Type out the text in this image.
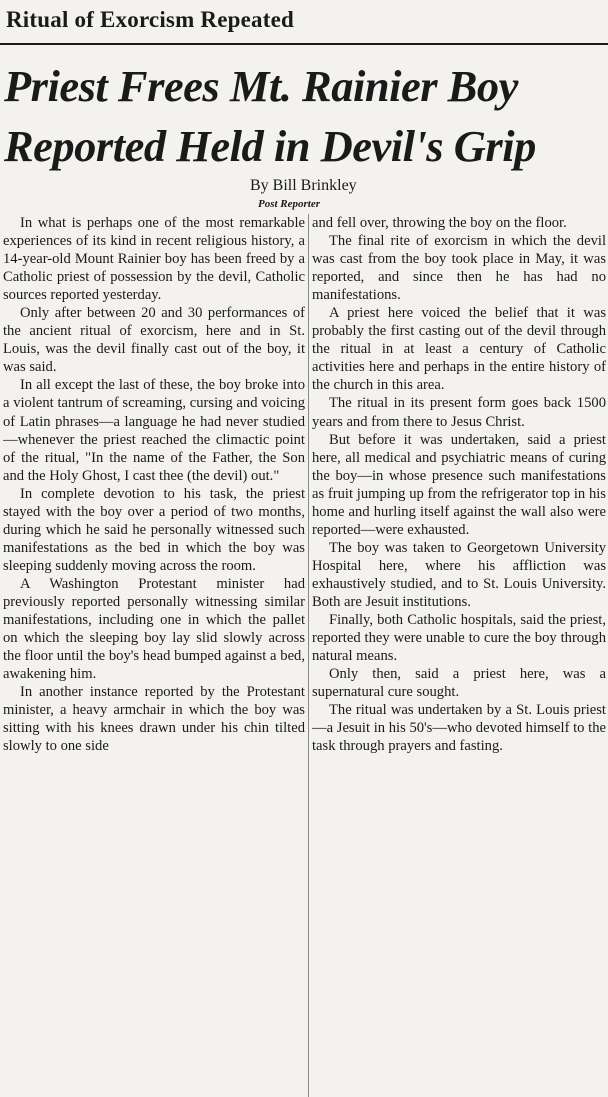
Ritual of Exorcism Repeated
Priest Frees Mt. Rainier Boy
Reported Held in Devil's Grip
By Bill Brinkley
Post Reporter

In what is perhaps one of the most remarkable experiences of its kind in recent religious history, a 14-year-old Mount Rainier boy has been freed by a Catholic priest of possession by the devil, Catholic sources reported yesterday.

Only after between 20 and 30 performances of the ancient ritual of exorcism, here and in St. Louis, was the devil finally cast out of the boy, it was said.

In all except the last of these, the boy broke into a violent tantrum of screaming, cursing and voicing of Latin phrases—a language he had never studied—whenever the priest reached the climactic point of the ritual, "In the name of the Father, the Son and the Holy Ghost, I cast thee (the devil) out."

In complete devotion to his task, the priest stayed with the boy over a period of two months, during which he said he personally witnessed such manifestations as the bed in which the boy was sleeping suddenly moving across the room.

A Washington Protestant minister had previously reported personally witnessing similar manifestations, including one in which the pallet on which the sleeping boy lay slid slowly across the floor until the boy's head bumped against a bed, awakening him.

In another instance reported by the Protestant minister, a heavy armchair in which the boy was sitting with his knees drawn under his chin tilted slowly to one side

and fell over, throwing the boy on the floor.

The final rite of exorcism in which the devil was cast from the boy took place in May, it was reported, and since then he has had no manifestations.

A priest here voiced the belief that it was probably the first casting out of the devil through the ritual in at least a century of Catholic activities here and perhaps in the entire history of the church in this area.

The ritual in its present form goes back 1500 years and from there to Jesus Christ.

But before it was undertaken, said a priest here, all medical and psychiatric means of curing the boy—in whose presence such manifestations as fruit jumping up from the refrigerator top in his home and hurling itself against the wall also were reported—were exhausted.

The boy was taken to Georgetown University Hospital here, where his affliction was exhaustively studied, and to St. Louis University. Both are Jesuit institutions.

Finally, both Catholic hospitals, said the priest, reported they were unable to cure the boy through natural means.

Only then, said a priest here, was a supernatural cure sought.

The ritual was undertaken by a St. Louis priest—a Jesuit in his 50's—who devoted himself to the task through prayers and fasting.
